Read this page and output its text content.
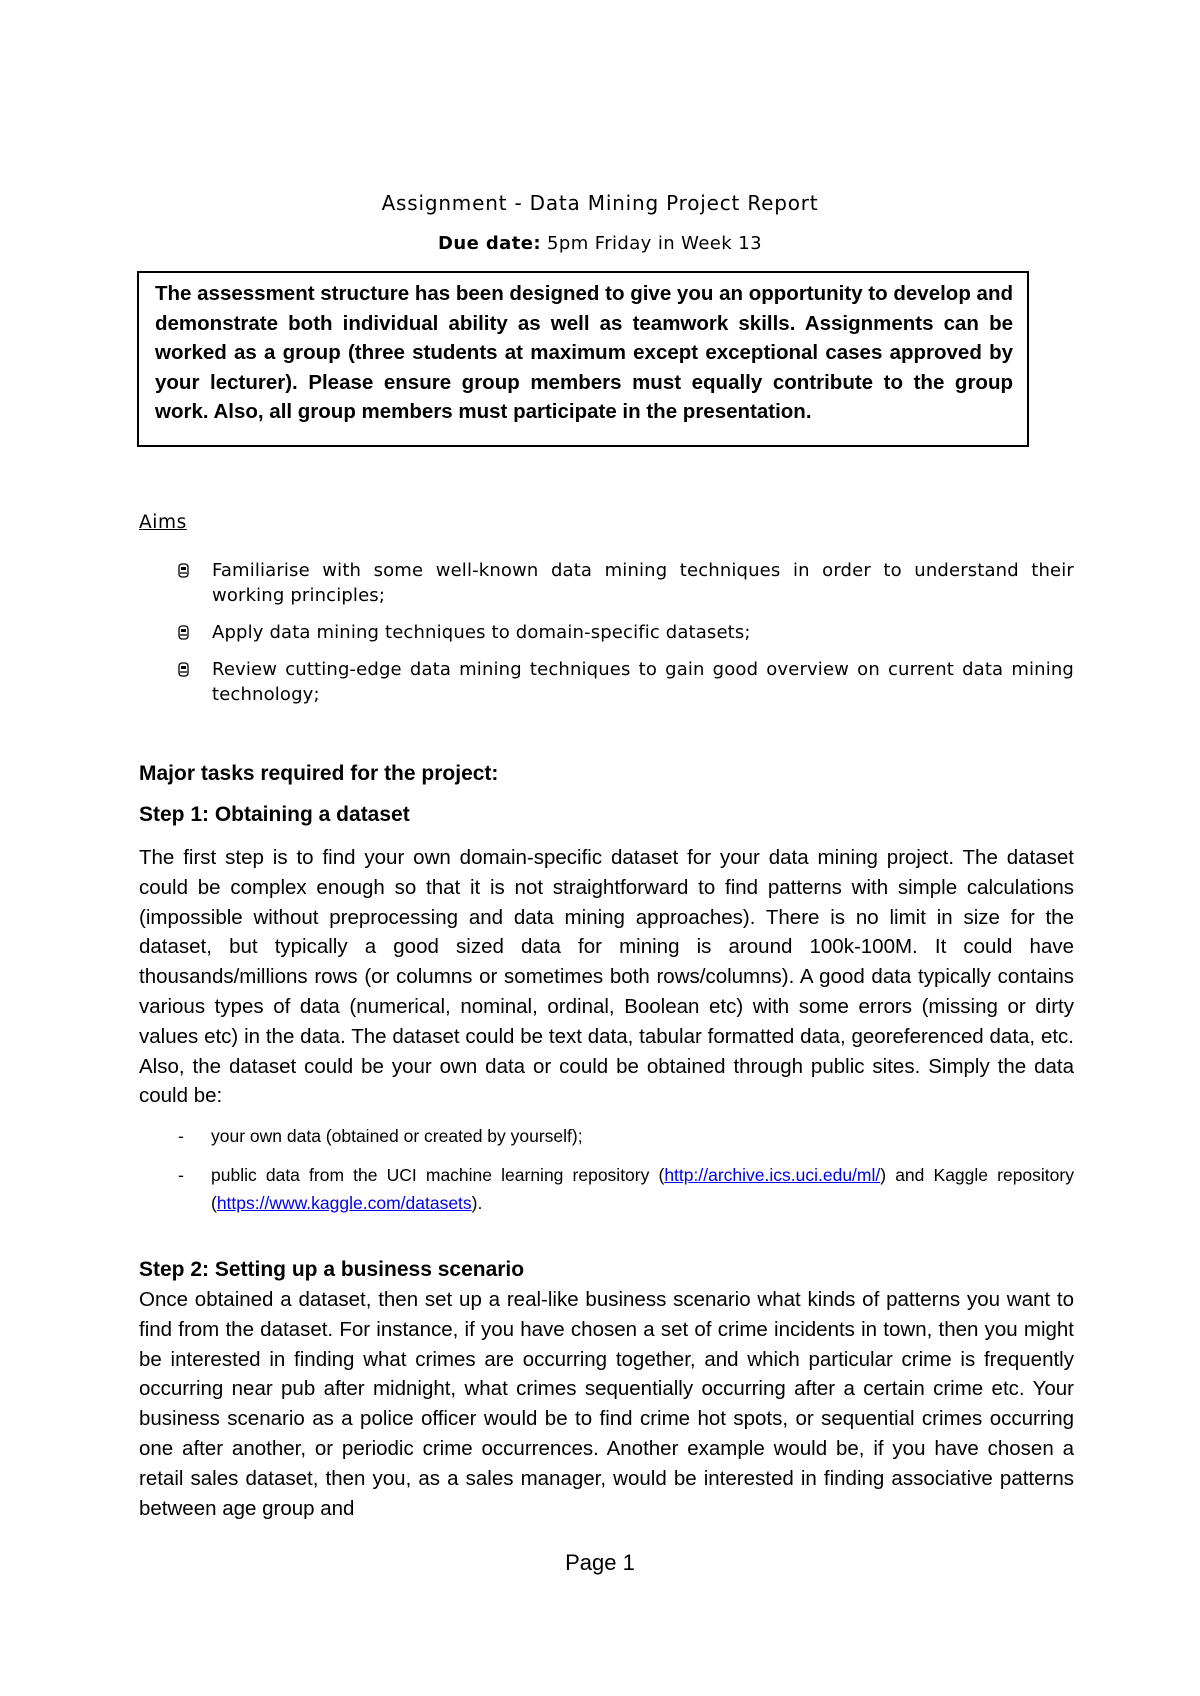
Assignment - Data Mining Project Report
Due date: 5pm Friday in Week 13

The assessment structure has been designed to give you an opportunity to develop and demonstrate both individual ability as well as teamwork skills. Assignments can be worked as a group (three students at maximum except exceptional cases approved by your lecturer). Please ensure group members must equally contribute to the group work. Also, all group members must participate in the presentation.

Aims
Familiarise with some well-known data mining techniques in order to understand their working principles;
Apply data mining techniques to domain-specific datasets;
Review cutting-edge data mining techniques to gain good overview on current data mining technology;
Major tasks required for the project:
Step 1: Obtaining a dataset

The first step is to find your own domain-specific dataset for your data mining project. The dataset could be complex enough so that it is not straightforward to find patterns with simple calculations (impossible without preprocessing and data mining approaches). There is no limit in size for the dataset, but typically a good sized data for mining is around 100k-100M. It could have thousands/millions rows (or columns or sometimes both rows/columns). A good data typically contains various types of data (numerical, nominal, ordinal, Boolean etc) with some errors (missing or dirty values etc) in the data. The dataset could be text data, tabular formatted data, georeferenced data, etc. Also, the dataset could be your own data or could be obtained through public sites. Simply the data could be:

- your own data (obtained or created by yourself);
- public data from the UCI machine learning repository (http://archive.ics.uci.edu/ml/) and Kaggle repository (https://www.kaggle.com/datasets).
Step 2: Setting up a business scenario

Once obtained a dataset, then set up a real-like business scenario what kinds of patterns you want to find from the dataset. For instance, if you have chosen a set of crime incidents in town, then you might be interested in finding what crimes are occurring together, and which particular crime is frequently occurring near pub after midnight, what crimes sequentially occurring after a certain crime etc. Your business scenario as a police officer would be to find crime hot spots, or sequential crimes occurring one after another, or periodic crime occurrences. Another example would be, if you have chosen a retail sales dataset, then you, as a sales manager, would be interested in finding associative patterns between age group and

Page 1
